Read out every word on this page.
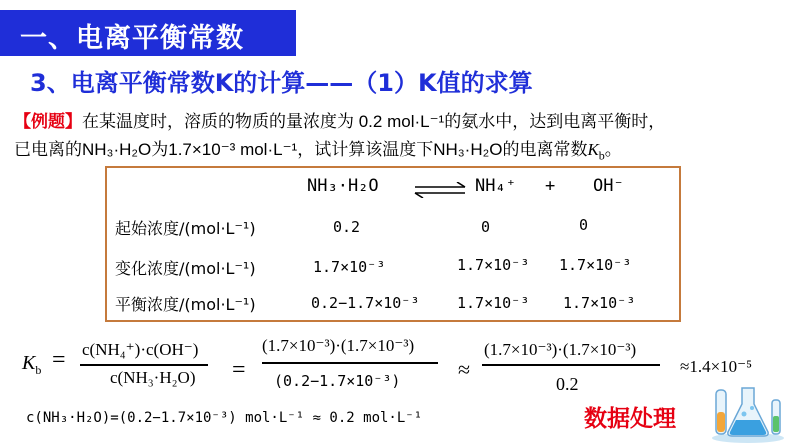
一、电离平衡常数
3、电离平衡常数K的计算——（1）K值的求算
【例题】在某温度时，溶质的物质的量浓度为 0.2 mol·L⁻¹的氨水中，达到电离平衡时，
已电离的NH₃·H₂O为1.7×10⁻³ mol·L⁻¹，试计算该温度下NH₃·H₂O的电离常数$K_b$。
NH₃·H₂O ⇌ NH₄⁺ + OH⁻
起始浓度/(mol·L⁻¹)	0.2	0	0
变化浓度/(mol·L⁻¹)	1.7×10⁻³	1.7×10⁻³ 1.7×10⁻³
平衡浓度/(mol·L⁻¹)	0.2−1.7×10⁻³	1.7×10⁻³ 1.7×10⁻³
$K_b = c(NH_4^+)\cdot c(OH^-)$
c(NH₃·H₂O) =
(1.7×10⁻³)·(1.7×10⁻³)
(0.2−1.7×10⁻³)	≈
(1.7×10⁻³)·(1.7×10⁻³)
0.2
≈1.4×10⁻⁵
c(NH₃·H₂O)=(0.2−1.7×10⁻³) mol·L⁻¹ ≈ 0.2 mol·L⁻¹	数据处理
